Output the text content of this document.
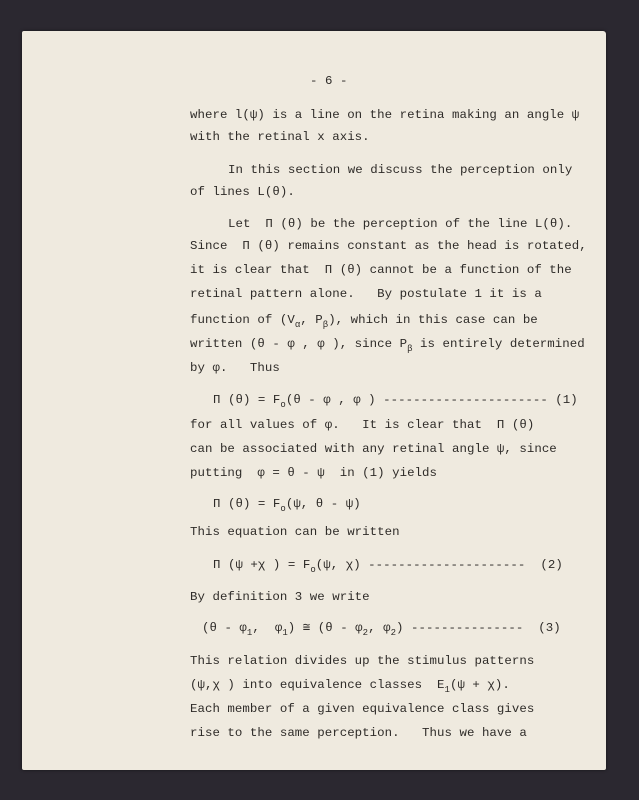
- 6 -
where l(ψ) is a line on the retina making an angle ψ
with the retinal x axis.
In this section we discuss the perception only
of lines L(θ).
Let  Π (θ) be the perception of the line L(θ).
Since  Π (θ) remains constant as the head is rotated,
it is clear that  Π (θ) cannot be a function of the
retinal pattern alone.   By postulate 1 it is a
function of ($V_\alpha$, $P_\beta$), which in this case can be
written (θ - φ , φ ), since $P_\beta$ is entirely determined
by φ.   Thus
Π $(\theta) = F_o(\theta - \varphi$ , φ ) ---------------------- (1)
for all values of φ.   It is clear that  Π (θ)
can be associated with any retinal angle ψ, since
putting  φ = θ - ψ  in (1) yields
Π $(\theta) = F_o(\psi$, θ - ψ)
This equation can be written
Π (ψ +χ ) = $F_o(\psi$, χ) ---------------------  (2)
By definition 3 we write
($\theta - \varphi_1$,  $\varphi_1$) ≅ ($\theta - \varphi_2$, $\varphi_2$) ---------------  (3)
This relation divides up the stimulus patterns
(ψ,χ ) into equivalence classes  $E_1(\psi + \chi)$.
Each member of a given equivalence class gives
rise to the same perception.   Thus we have a
